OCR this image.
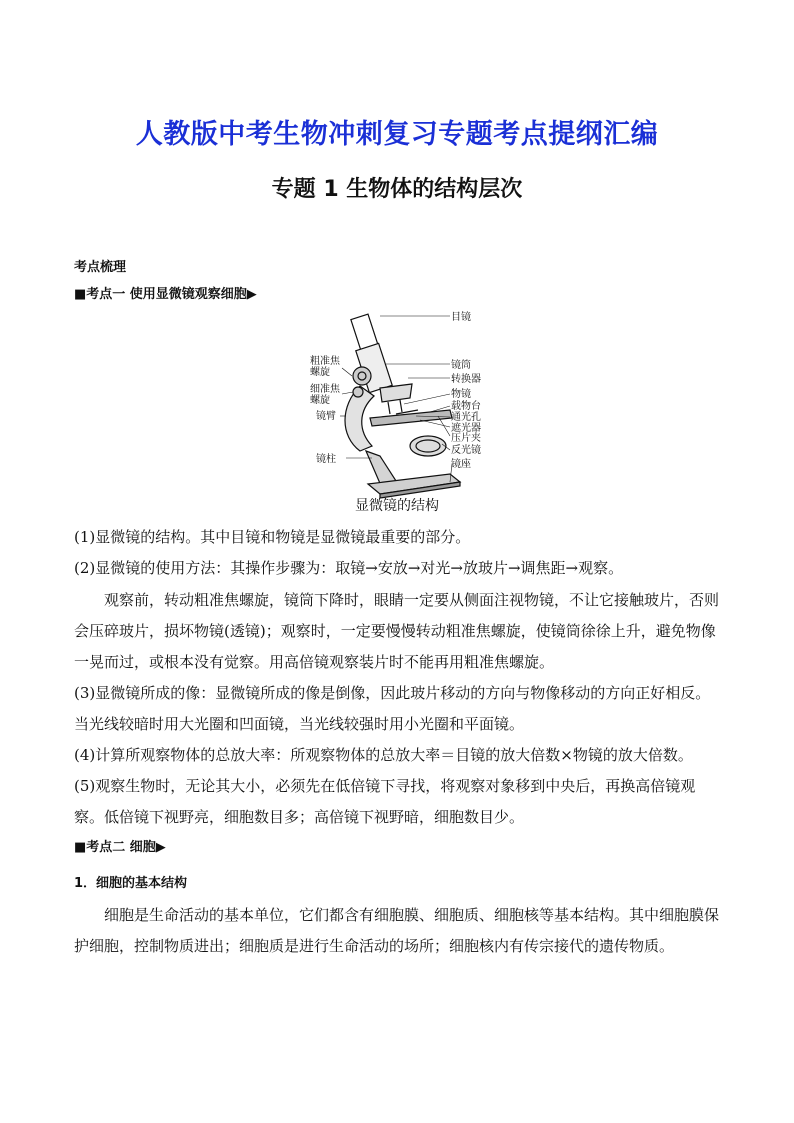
人教版中考生物冲刺复习专题考点提纲汇编
专题 1 生物体的结构层次
考点梳理
■考点一 使用显微镜观察细胞▶
目镜
镜筒
转换器
物镜
载物台
通光孔
遮光器
压片夹
反光镜
镜座
粗准焦
螺旋
细准焦
螺旋
镜臂
镜柱
显微镜的结构
(1)显微镜的结构。其中目镜和物镜是显微镜最重要的部分。
(2)显微镜的使用方法：其操作步骤为：取镜→安放→对光→放玻片→调焦距→观察。
观察前，转动粗准焦螺旋，镜筒下降时，眼睛一定要从侧面注视物镜，不让它接触玻片，否则会压碎玻片，损坏物镜(透镜)；观察时，一定要慢慢转动粗准焦螺旋，使镜筒徐徐上升，避免物像一晃而过，或根本没有觉察。用高倍镜观察装片时不能再用粗准焦螺旋。
(3)显微镜所成的像：显微镜所成的像是倒像，因此玻片移动的方向与物像移动的方向正好相反。当光线较暗时用大光圈和凹面镜，当光线较强时用小光圈和平面镜。
(4)计算所观察物体的总放大率：所观察物体的总放大率＝目镜的放大倍数×物镜的放大倍数。
(5)观察生物时，无论其大小，必须先在低倍镜下寻找，将观察对象移到中央后，再换高倍镜观察。低倍镜下视野亮，细胞数目多；高倍镜下视野暗，细胞数目少。
■考点二 细胞▶
1．细胞的基本结构
细胞是生命活动的基本单位，它们都含有细胞膜、细胞质、细胞核等基本结构。其中细胞膜保护细胞，控制物质进出；细胞质是进行生命活动的场所；细胞核内有传宗接代的遗传物质。
